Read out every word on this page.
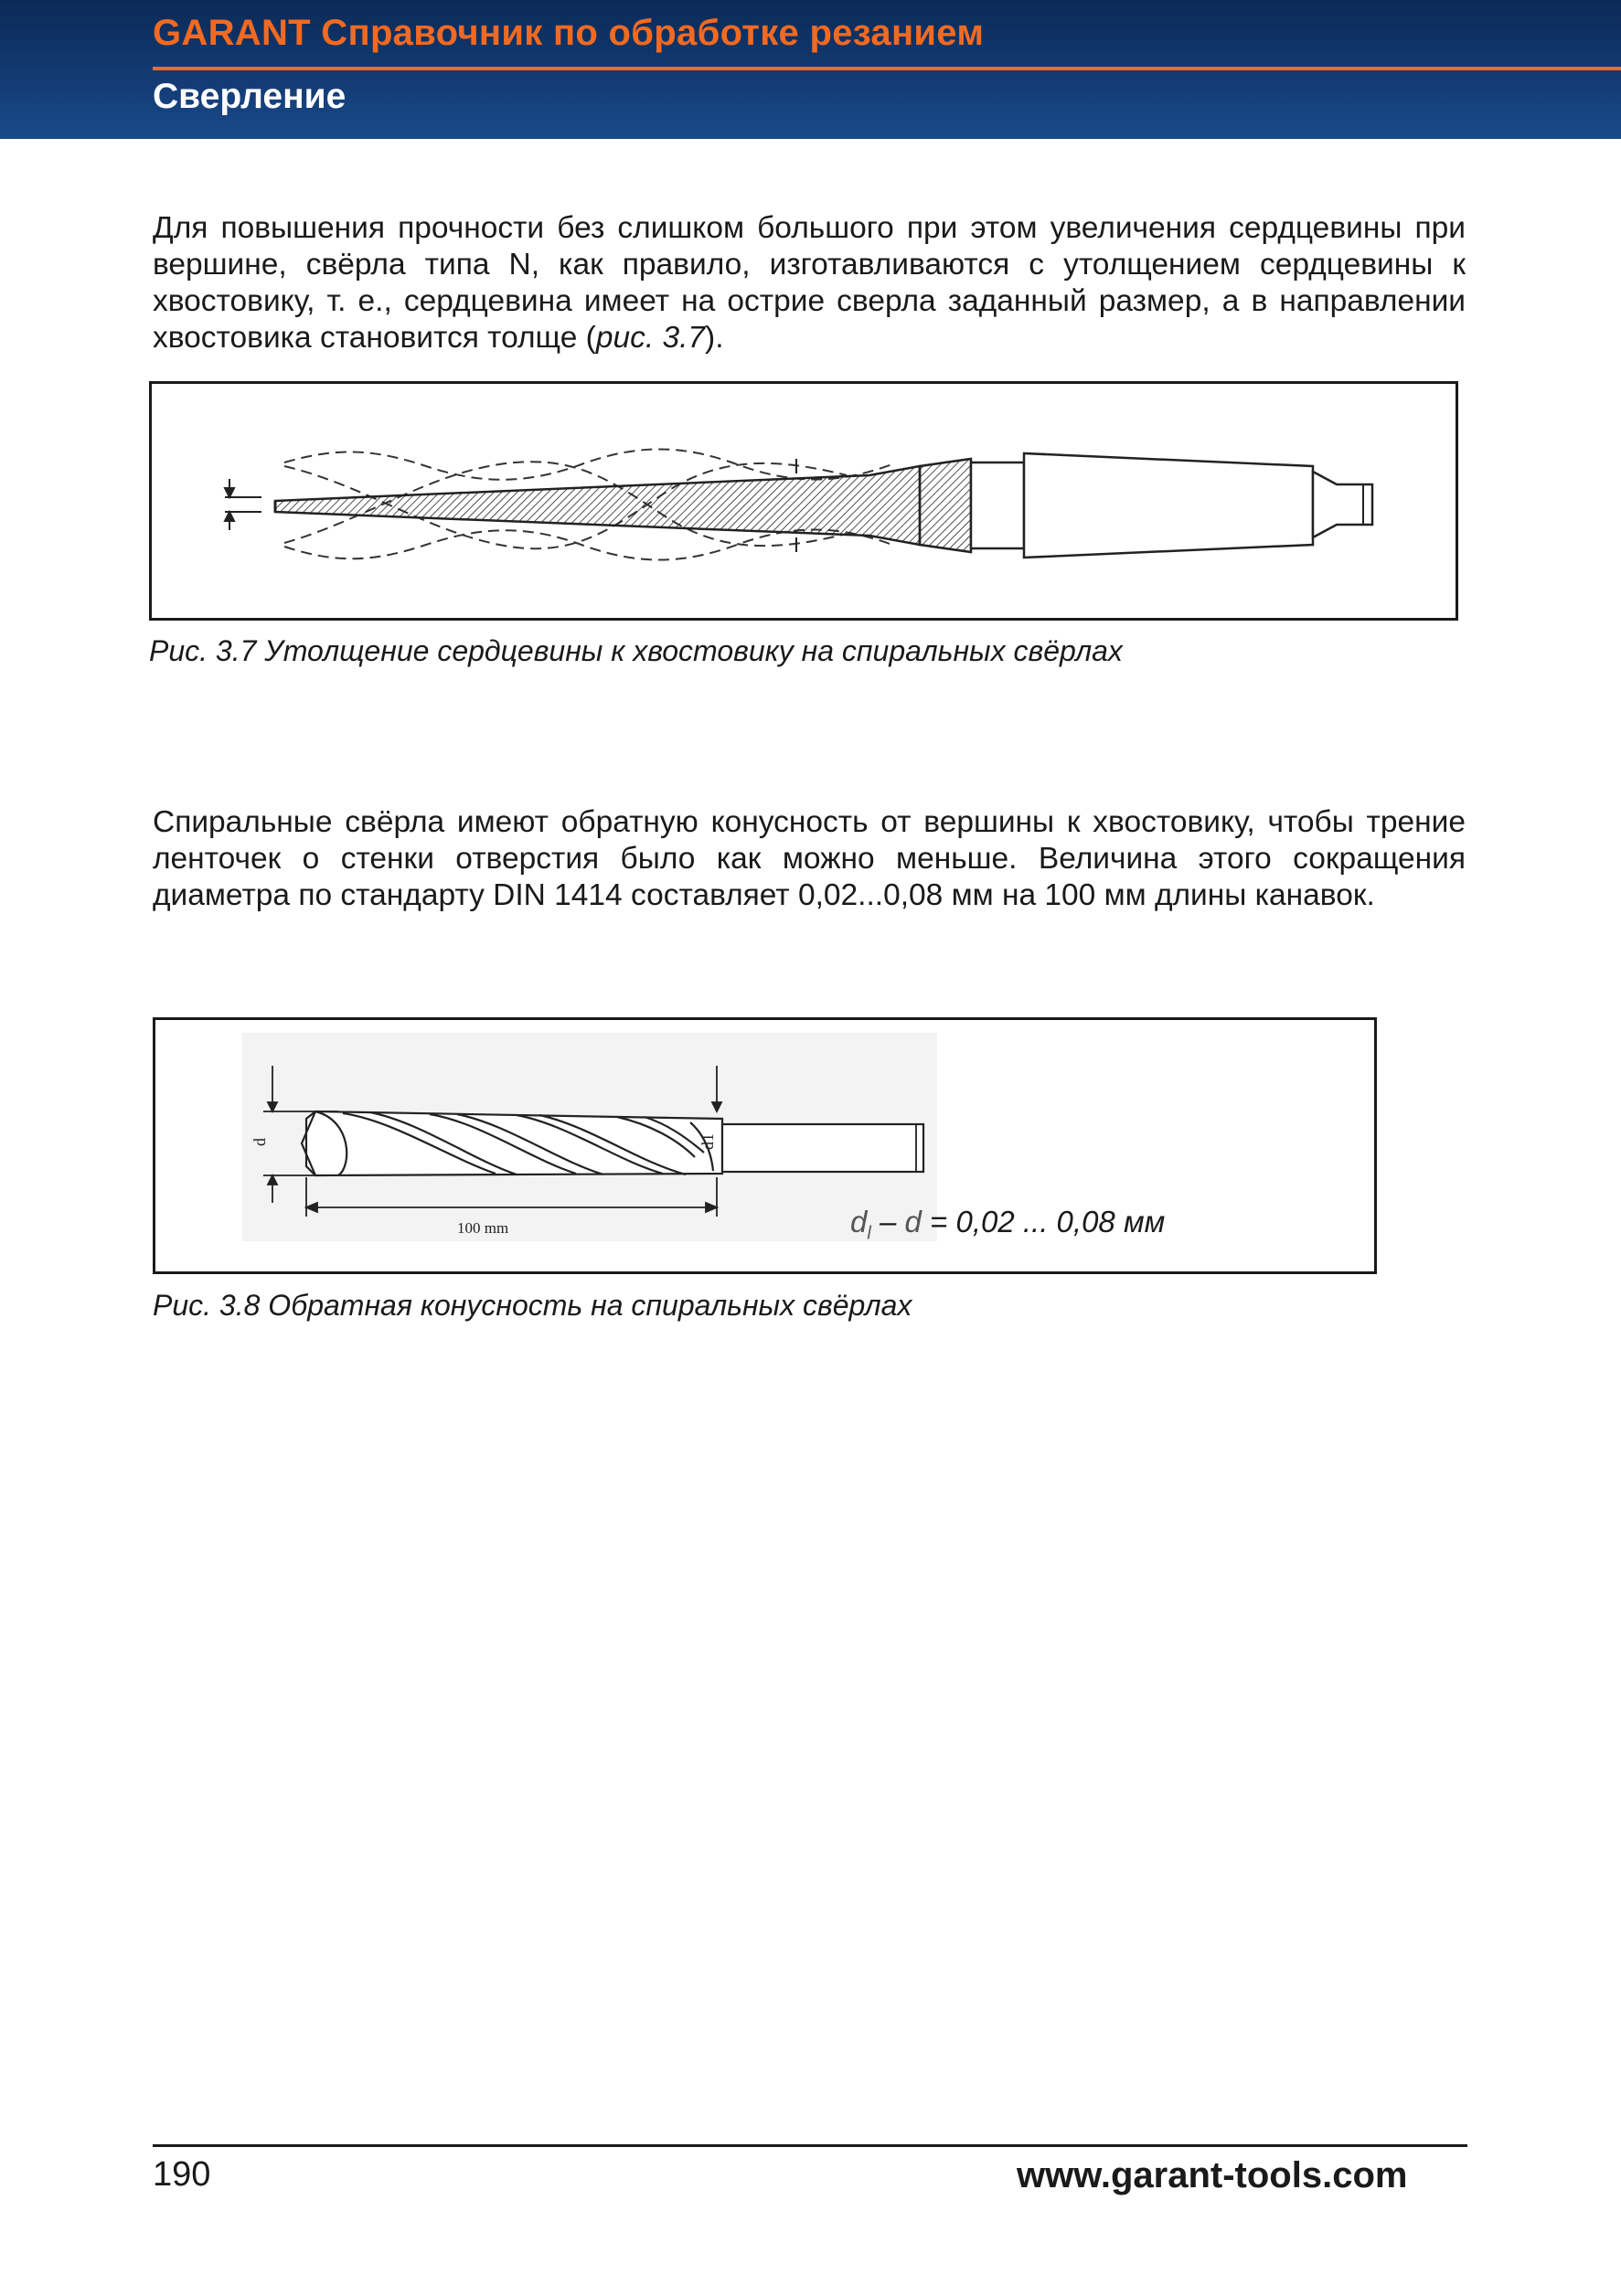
GARANT Справочник по обработке резанием
Сверление

Для повышения прочности без слишком большого при этом увеличения сердцевины при вершине, свёрла типа N, как правило, изготавливаются с утолщением сердцевины к хвостовику, т. е., сердцевина имеет на острие сверла заданный размер, а в направлении хвостовика становится толще (рис. 3.7).

Рис. 3.7 Утолщение сердцевины к хвостовику на спиральных свёрлах

Спиральные свёрла имеют обратную конусность от вершины к хвостовику, чтобы трение ленточек о стенки отверстия было как можно меньше. Величина этого сокращения диаметра по стандарту DIN 1414 составляет 0,02...0,08 мм на 100 мм длины канавок.

d	d1
100 mm	$d_l - d = 0,02$ ... 0,08 мм
Рис. 3.8 Обратная конусность на спиральных свёрлах
190	www.garant-tools.com
